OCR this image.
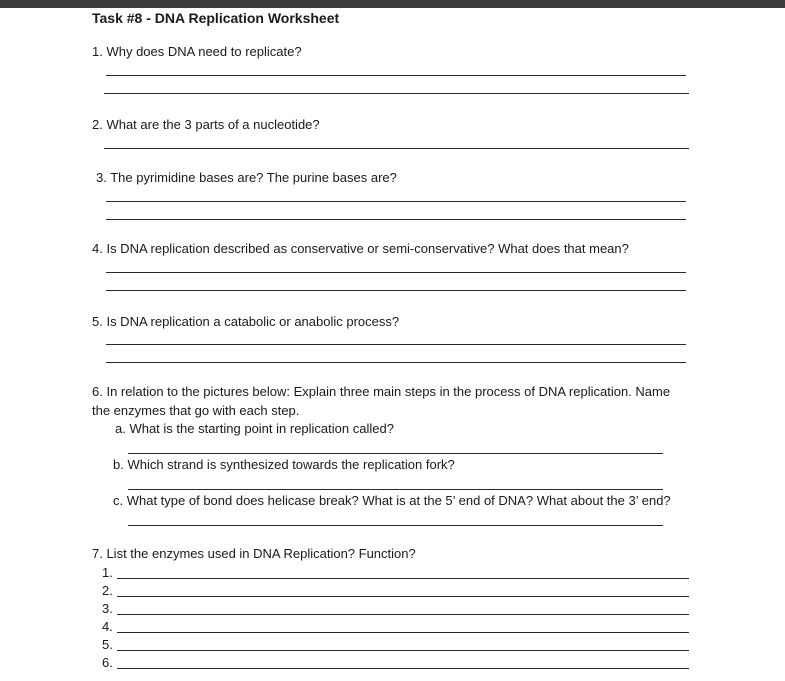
Task #8 - DNA Replication Worksheet
1. Why does DNA need to replicate?
2. What are the 3 parts of a nucleotide?
3. The pyrimidine bases are? The purine bases are?
4. Is DNA replication described as conservative or semi-conservative? What does that mean?
5. Is DNA replication a catabolic or anabolic process?
6. In relation to the pictures below: Explain three main steps in the process of DNA replication. Name
the enzymes that go with each step.
a. What is the starting point in replication called?
b. Which strand is synthesized towards the replication fork?
c. What type of bond does helicase break? What is at the 5’ end of DNA? What about the 3’ end?
7. List the enzymes used in DNA Replication? Function?
1.
2.
3.
4.
5.
6.
